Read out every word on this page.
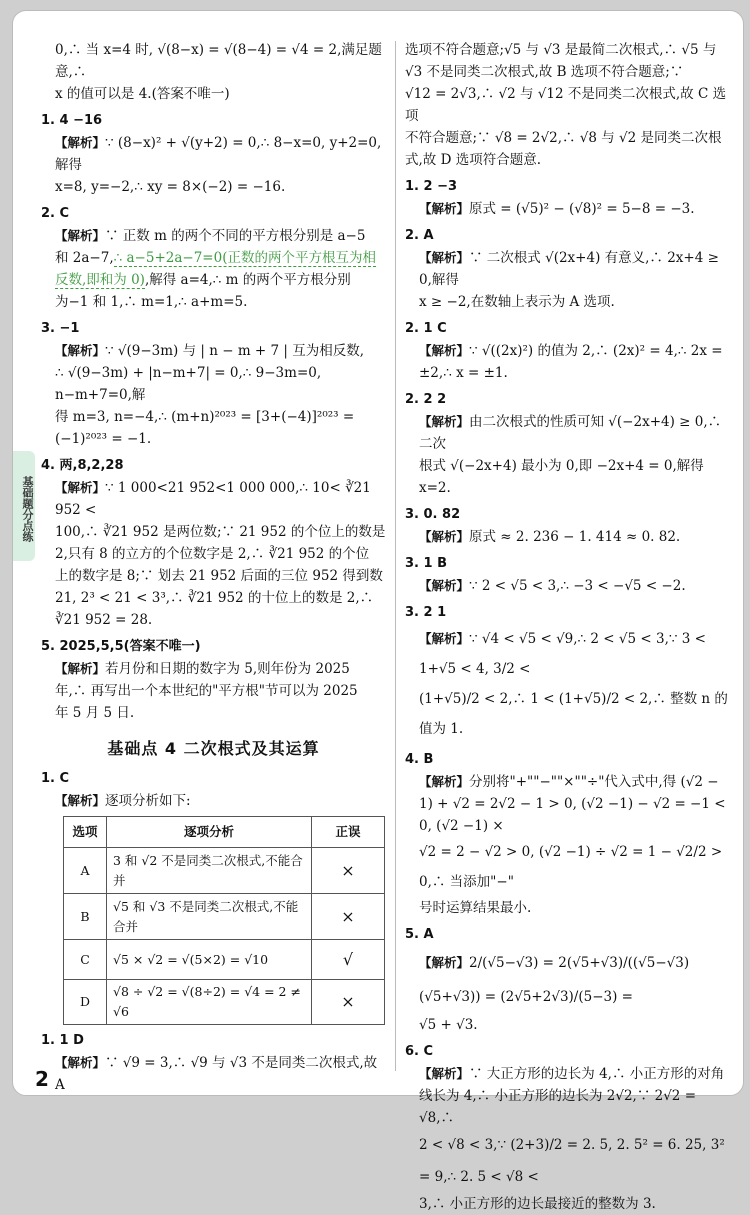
基础题分点练

0,∴ 当 x=4 时, √(8−x) = √(8−4) = √4 = 2,满足题意,∴

x 的值可以是 4.(答案不唯一)

1. 4 −16

【解析】∵ (8−x)² + √(y+2) = 0,∴ 8−x=0, y+2=0,解得

x=8, y=−2,∴ xy = 8×(−2) = −16.

2. C

【解析】∵ 正数 m 的两个不同的平方根分别是 a−5

和 2a−7,∴ a−5+2a−7=0(正数的两个平方根互为相

反数,即和为 0),解得 a=4,∴ m 的两个平方根分别

为−1 和 1,∴ m=1,∴ a+m=5.

3. −1

【解析】∵ √(9−3m) 与 | n − m + 7 | 互为相反数,

∴ √(9−3m) + |n−m+7| = 0,∴ 9−3m=0, n−m+7=0,解

得 m=3, n=−4,∴ (m+n)²⁰²³ = [3+(−4)]²⁰²³ =

(−1)²⁰²³ = −1.

4. 两,8,2,28

【解析】∵ 1 000<21 952<1 000 000,∴ 10< ∛21 952 <

100,∴ ∛21 952 是两位数;∵ 21 952 的个位上的数是

2,只有 8 的立方的个位数字是 2,∴ ∛21 952 的个位

上的数字是 8;∵ 划去 21 952 后面的三位 952 得到数

21, 2³ < 21 < 3³,∴ ∛21 952 的十位上的数是 2,∴

∛21 952 = 28.

5. 2025,5,5(答案不唯一)

【解析】若月份和日期的数字为 5,则年份为 2025

年,∴ 再写出一个本世纪的"平方根"节可以为 2025

年 5 月 5 日.

基础点 4 二次根式及其运算
1. C

【解析】逐项分析如下:

选项	逐项分析	正误
A	3 和 √2 不是同类二次根式,不能合并	×
B	√5 和 √3 不是同类二次根式,不能合并	×
C	√5 × √2 = √(5×2) = √10	√
D	√8 ÷ √2 = √(8÷2) = √4 = 2 ≠ √6	×
1. 1 D

【解析】∵ √9 = 3,∴ √9 与 √3 不是同类二次根式,故 A

选项不符合题意;√5 与 √3 是最简二次根式,∴ √5 与

√3 不是同类二次根式,故 B 选项不符合题意;∵

√12 = 2√3,∴ √2 与 √12 不是同类二次根式,故 C 选项

不符合题意;∵ √8 = 2√2,∴ √8 与 √2 是同类二次根

式,故 D 选项符合题意.

1. 2 −3

【解析】原式 = (√5)² − (√8)² = 5−8 = −3.

2. A

【解析】∵ 二次根式 √(2x+4) 有意义,∴ 2x+4 ≥ 0,解得

x ≥ −2,在数轴上表示为 A 选项.

2. 1 C

【解析】∵ √((2x)²) 的值为 2,∴ (2x)² = 4,∴ 2x =

±2,∴ x = ±1.

2. 2 2

【解析】由二次根式的性质可知 √(−2x+4) ≥ 0,∴ 二次

根式 √(−2x+4) 最小为 0,即 −2x+4 = 0,解得 x=2.

3. 0. 82

【解析】原式 ≈ 2. 236 − 1. 414 ≈ 0. 82.

3. 1 B

【解析】∵ 2 < √5 < 3,∴ −3 < −√5 < −2.

3. 2 1

【解析】∵ √4 < √5 < √9,∴ 2 < √5 < 3,∵ 3 < 1+√5 < 4, 3/2 <

(1+√5)/2 < 2,∴ 1 < (1+√5)/2 < 2,∴ 整数 n 的值为 1.

4. B

【解析】分别将"+""−""×""÷"代入式中,得 (√2 −

1) + √2 = 2√2 − 1 > 0, (√2 −1) − √2 = −1 < 0, (√2 −1) ×

√2 = 2 − √2 > 0, (√2 −1) ÷ √2 = 1 − √2/2 > 0,∴ 当添加"−"

号时运算结果最小.

5. A

【解析】2/(√5−√3) = 2(√5+√3)/((√5−√3)(√5+√3)) = (2√5+2√3)/(5−3) =

√5 + √3.

6. C

【解析】∵ 大正方形的边长为 4,∴ 小正方形的对角

线长为 4,∴ 小正方形的边长为 2√2,∵ 2√2 = √8,∴

2 < √8 < 3,∵ (2+3)/2 = 2. 5, 2. 5² = 6. 25, 3² = 9,∴ 2. 5 < √8 <

3,∴ 小正方形的边长最接近的整数为 3.

2
